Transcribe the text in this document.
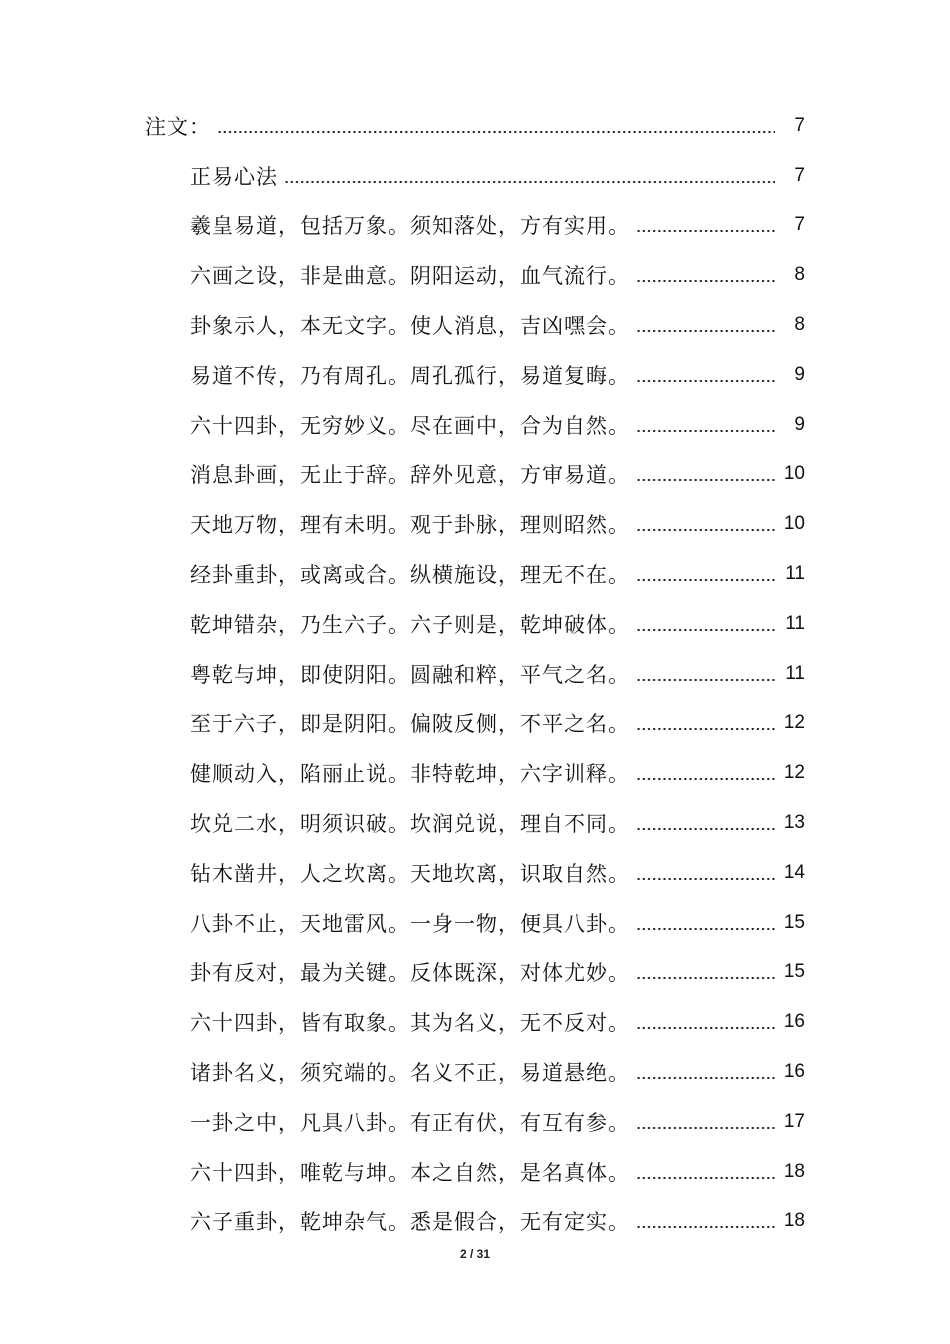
注文：	7
正易心法	7
羲皇易道，包括万象。须知落处，方有实用。	7
六画之设，非是曲意。阴阳运动，血气流行。	8
卦象示人，本无文字。使人消息，吉凶嘿会。	8
易道不传，乃有周孔。周孔孤行，易道复晦。	9
六十四卦，无穷妙义。尽在画中，合为自然。	9
消息卦画，无止于辞。辞外见意，方审易道。	10
天地万物，理有未明。观于卦脉，理则昭然。	10
经卦重卦，或离或合。纵横施设，理无不在。	11
乾坤错杂，乃生六子。六子则是，乾坤破体。	11
粤乾与坤，即使阴阳。圆融和粹，平气之名。	11
至于六子，即是阴阳。偏陂反侧，不平之名。	12
健顺动入，陷丽止说。非特乾坤，六字训释。	12
坎兑二水，明须识破。坎润兑说，理自不同。	13
钻木凿井，人之坎离。天地坎离，识取自然。	14
八卦不止，天地雷风。一身一物，便具八卦。	15
卦有反对，最为关键。反体既深，对体尤妙。	15
六十四卦，皆有取象。其为名义，无不反对。	16
诸卦名义，须究端的。名义不正，易道悬绝。	16
一卦之中，凡具八卦。有正有伏，有互有参。	17
六十四卦，唯乾与坤。本之自然，是名真体。	18
六子重卦，乾坤杂气。悉是假合，无有定实。	18
2 / 31
